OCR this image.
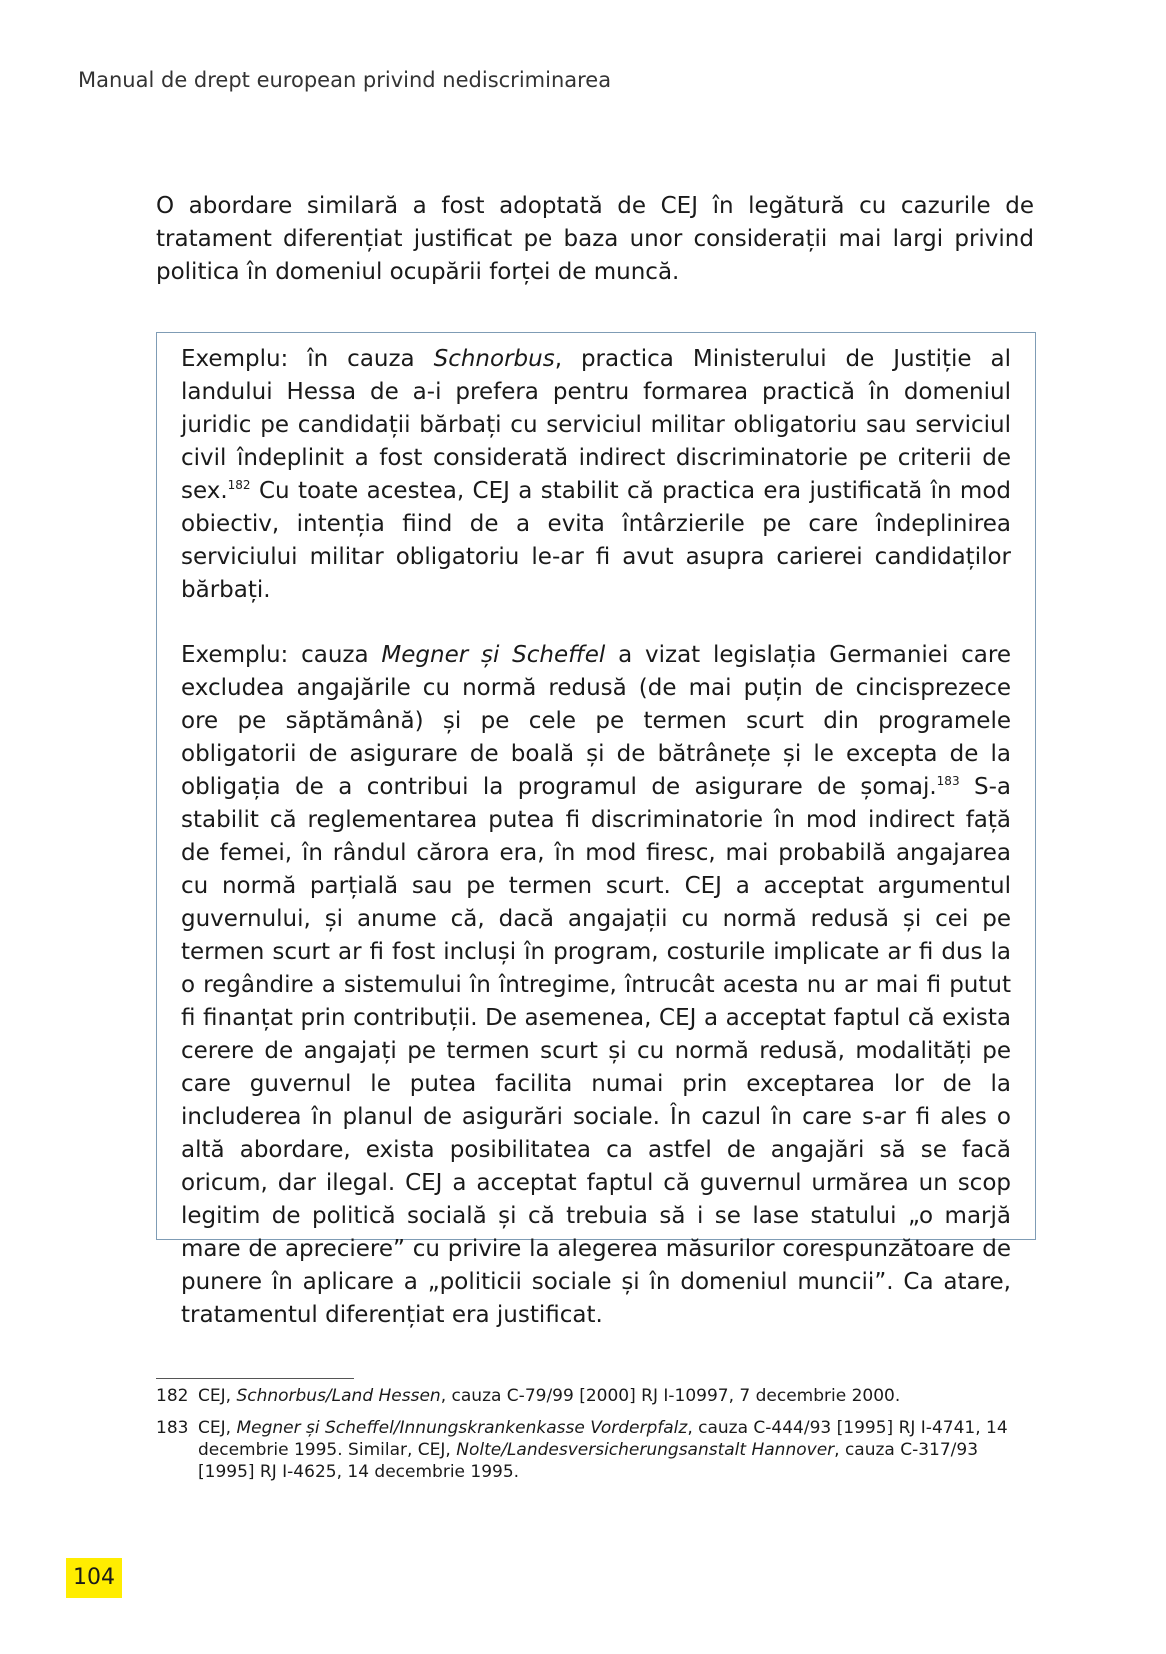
Manual de drept european privind nediscriminarea

O abordare similară a fost adoptată de CEJ în legătură cu cazurile de tratament diferențiat justificat pe baza unor considerații mai largi privind politica în domeniul ocupării forței de muncă.

Exemplu: în cauza Schnorbus, practica Ministerului de Justiție al landului Hessa de a-i prefera pentru formarea practică în domeniul juridic pe candidații bărbați cu serviciul militar obligatoriu sau serviciul civil îndeplinit a fost considerată indirect discriminatorie pe criterii de sex.$^{182}$ Cu toate acestea, CEJ a stabilit că practica era justificată în mod obiectiv, intenția fiind de a evita întârzierile pe care îndeplinirea serviciului militar obligatoriu le-ar fi avut asupra carierei candidaților bărbați.

Exemplu: cauza Megner și Scheffel a vizat legislația Germaniei care excludea angajările cu normă redusă (de mai puțin de cincisprezece ore pe săptămână) și pe cele pe termen scurt din programele obligatorii de asigurare de boală și de bătrânețe și le excepta de la obligația de a contribui la programul de asigurare de șomaj.$^{183}$ S-a stabilit că reglementarea putea fi discriminatorie în mod indirect față de femei, în rândul cărora era, în mod firesc, mai probabilă angajarea cu normă parțială sau pe termen scurt. CEJ a acceptat argumentul guvernului, și anume că, dacă angajații cu normă redusă și cei pe termen scurt ar fi fost incluși în program, costurile implicate ar fi dus la o regândire a sistemului în întregime, întrucât acesta nu ar mai fi putut fi finanțat prin contribuții. De asemenea, CEJ a acceptat faptul că exista cerere de angajați pe termen scurt și cu normă redusă, modalități pe care guvernul le putea facilita numai prin exceptarea lor de la includerea în planul de asigurări sociale. În cazul în care s-ar fi ales o altă abordare, exista posibilitatea ca astfel de angajări să se facă oricum, dar ilegal. CEJ a acceptat faptul că guvernul urmărea un scop legitim de politică socială și că trebuia să i se lase statului „o marjă mare de apreciere” cu privire la alegerea măsurilor corespunzătoare de punere în aplicare a „politicii sociale și în domeniul muncii”. Ca atare, tratamentul diferențiat era justificat.

182 CEJ, Schnorbus/Land Hessen, cauza C-79/99 [2000] RJ I-10997, 7 decembrie 2000.
183 CEJ, Megner și Scheffel/Innungskrankenkasse Vorderpfalz, cauza C-444/93 [1995] RJ I-4741, 14 decembrie 1995. Similar, CEJ, Nolte/Landesversicherungsanstalt Hannover, cauza C-317/93 [1995] RJ I-4625, 14 decembrie 1995.
104
